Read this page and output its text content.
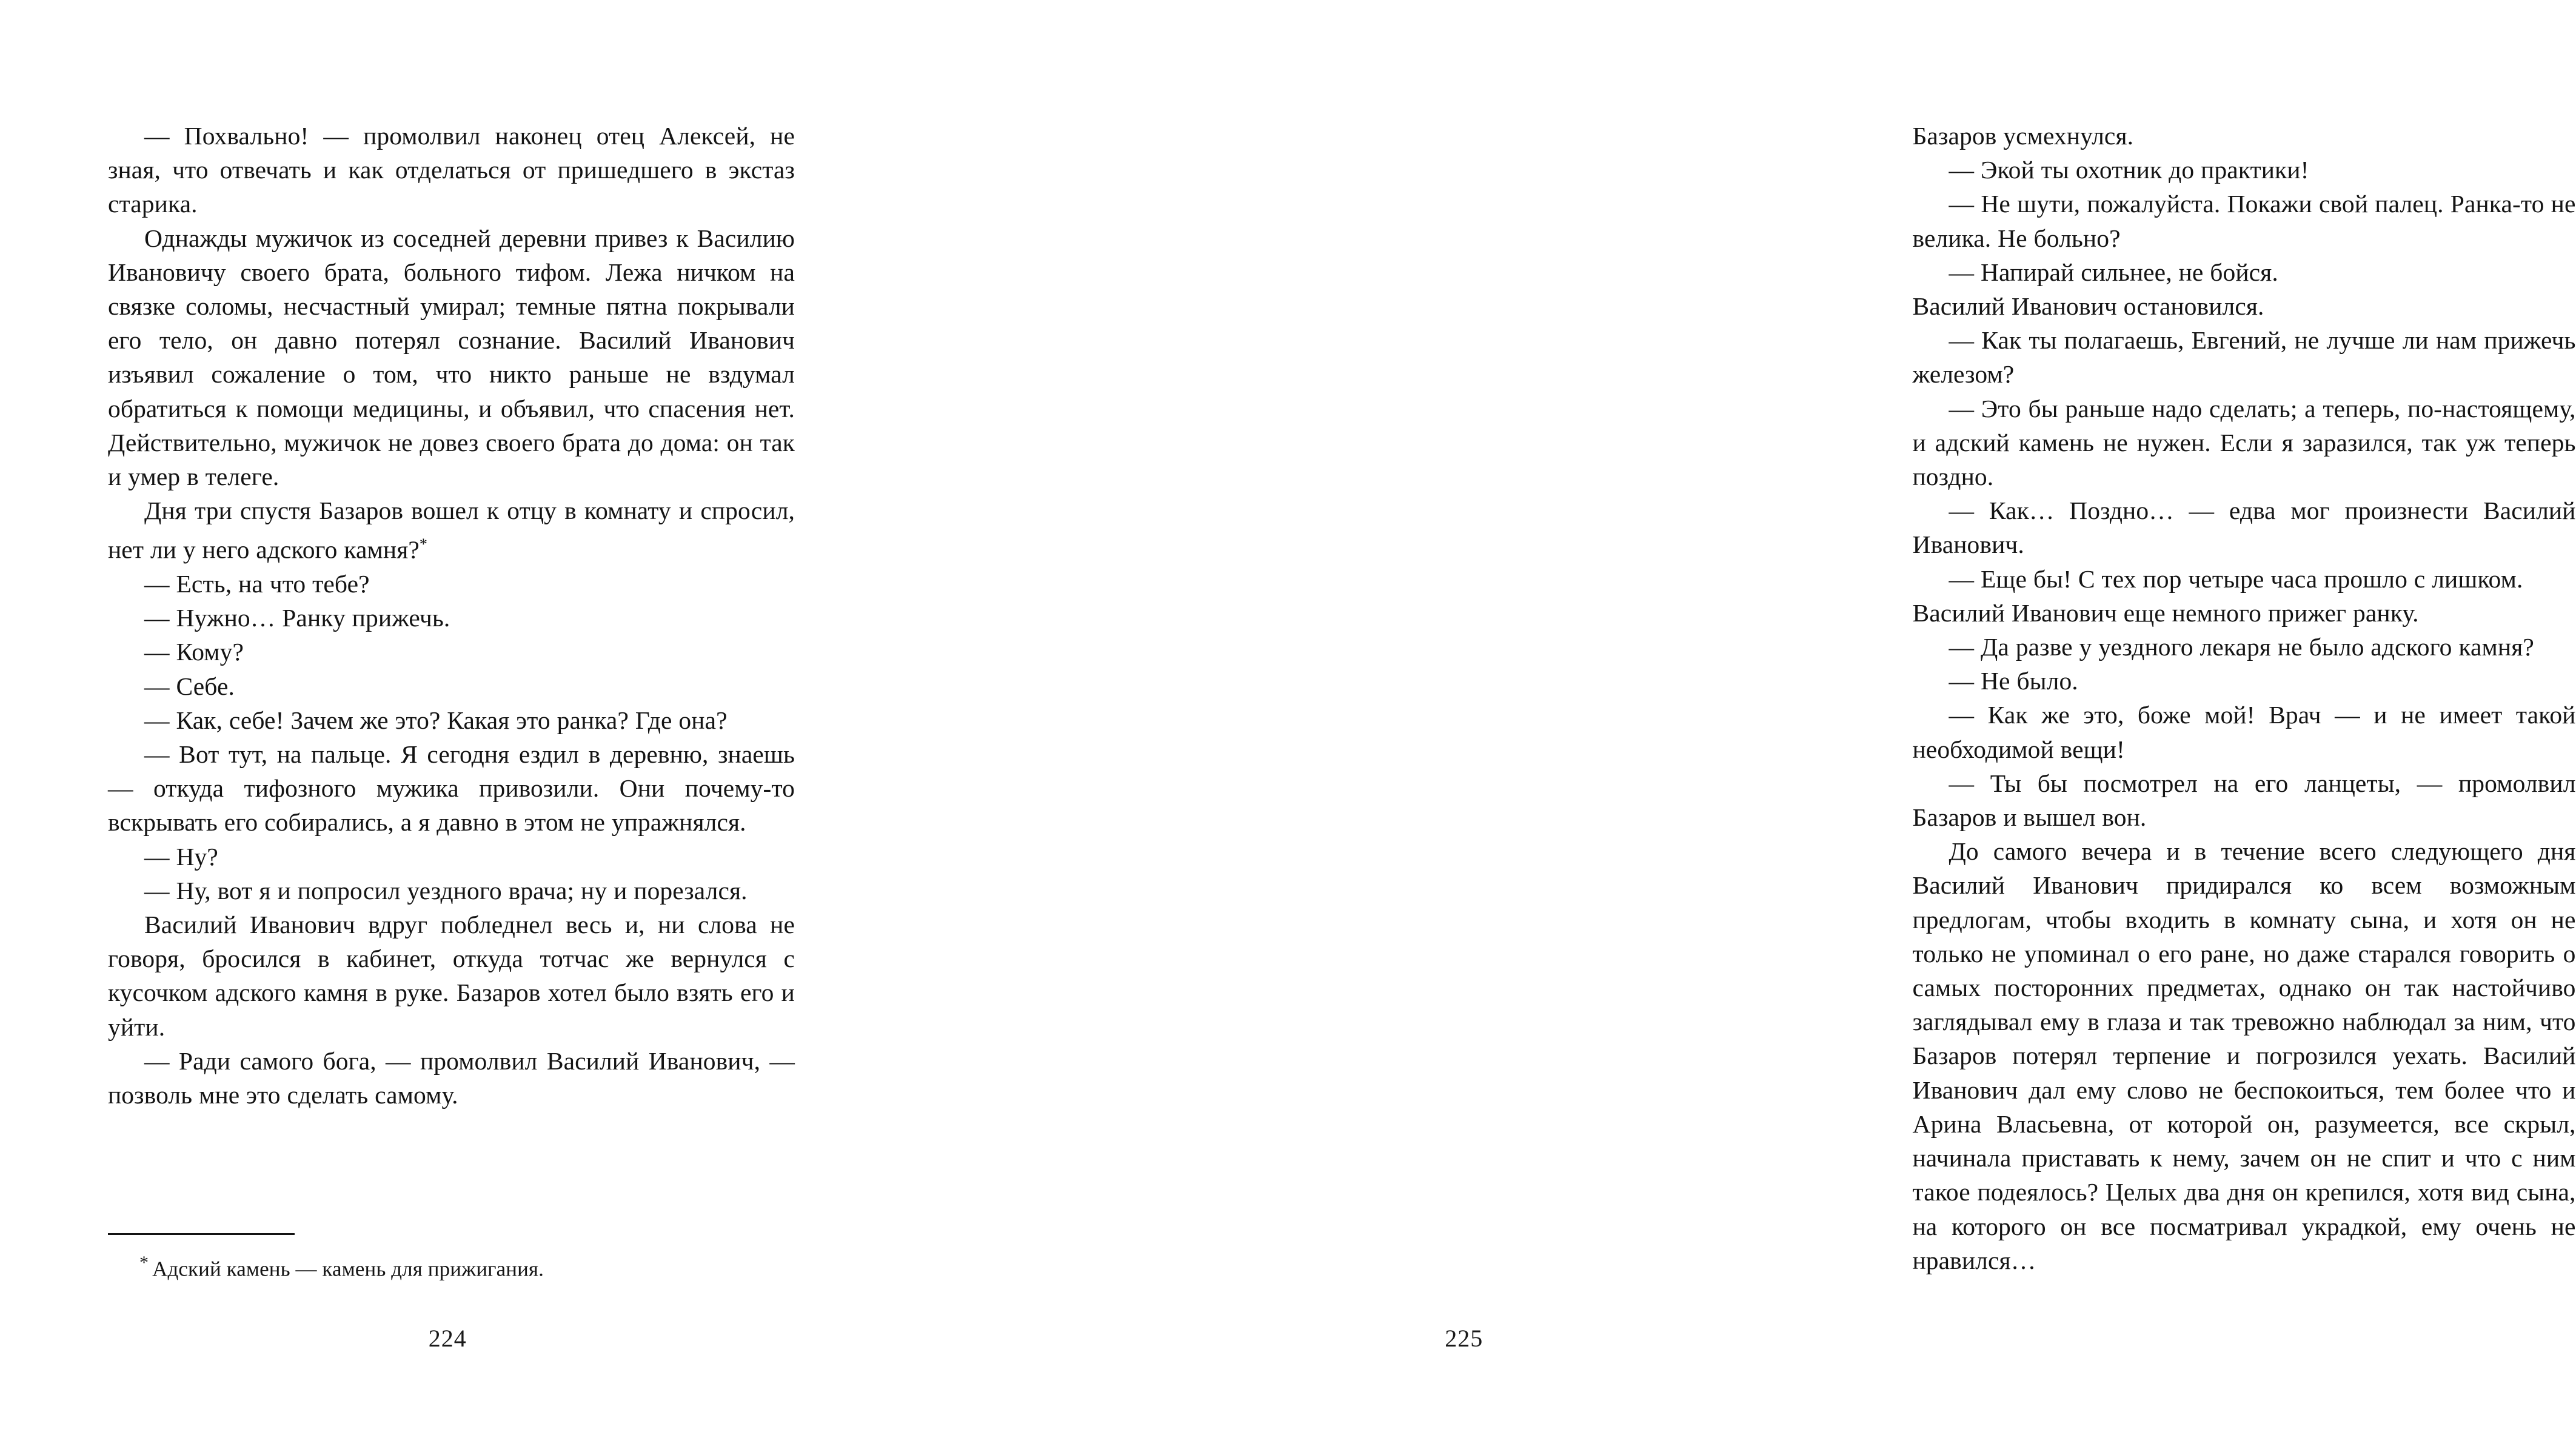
— Похвально! — промолвил наконец отец Алексей, не зная, что отвечать и как отделаться от пришедшего в экстаз старика.

Однажды мужичок из соседней деревни привез к Василию Ивановичу своего брата, больного тифом. Лежа ничком на связке соломы, несчастный умирал; темные пятна покрывали его тело, он давно потерял сознание. Василий Иванович изъявил сожаление о том, что никто раньше не вздумал обратиться к помощи медицины, и объявил, что спасения нет. Действительно, мужичок не довез своего брата до дома: он так и умер в телеге.

Дня три спустя Базаров вошел к отцу в комнату и спросил, нет ли у него адского камня?*

— Есть, на что тебе?

— Нужно… Ранку прижечь.

— Кому?

— Себе.

— Как, себе! Зачем же это? Какая это ранка? Где она?

— Вот тут, на пальце. Я сегодня ездил в деревню, знаешь — откуда тифозного мужика привозили. Они почему-то вскрывать его собирались, а я давно в этом не упражнялся.

— Ну?

— Ну, вот я и попросил уездного врача; ну и порезался.

Василий Иванович вдруг побледнел весь и, ни слова не говоря, бросился в кабинет, откуда тотчас же вернулся с кусочком адского камня в руке. Базаров хотел было взять его и уйти.

— Ради самого бога, — промолвил Василий Иванович, — позволь мне это сделать самому.

* Адский камень — камень для прижигания.

224

Базаров усмехнулся.

— Экой ты охотник до практики!

— Не шути, пожалуйста. Покажи свой палец. Ранка-то не велика. Не больно?

— Напирай сильнее, не бойся.

Василий Иванович остановился.

— Как ты полагаешь, Евгений, не лучше ли нам прижечь железом?

— Это бы раньше надо сделать; а теперь, по-настоящему, и адский камень не нужен. Если я заразился, так уж теперь поздно.

— Как… Поздно… — едва мог произнести Василий Иванович.

— Еще бы! С тех пор четыре часа прошло с лишком.

Василий Иванович еще немного прижег ранку.

— Да разве у уездного лекаря не было адского камня?

— Не было.

— Как же это, боже мой! Врач — и не имеет такой необходимой вещи!

— Ты бы посмотрел на его ланцеты, — промолвил Базаров и вышел вон.

До самого вечера и в течение всего следующего дня Василий Иванович придирался ко всем возможным предлогам, чтобы входить в комнату сына, и хотя он не только не упоминал о его ране, но даже старался говорить о самых посторонних предметах, однако он так настойчиво заглядывал ему в глаза и так тревожно наблюдал за ним, что Базаров потерял терпение и погрозился уехать. Василий Иванович дал ему слово не беспокоиться, тем более что и Арина Власьевна, от которой он, разумеется, все скрыл, начинала приставать к нему, зачем он не спит и что с ним такое подеялось? Целых два дня он крепился, хотя вид сына, на которого он все посматривал украдкой, ему очень не нравился…

225
